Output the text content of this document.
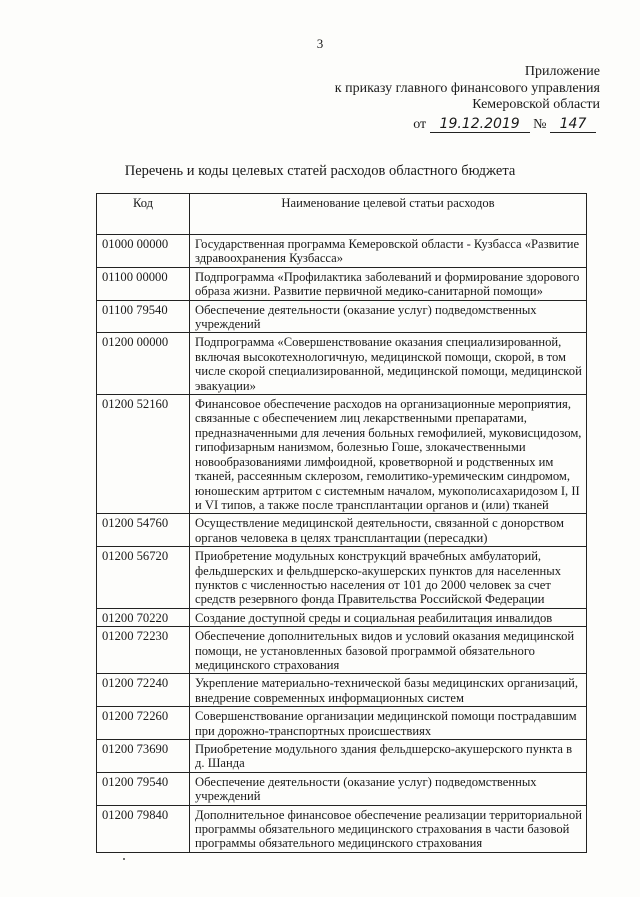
3
Приложение
к приказу главного финансового управления
Кемеровской области
от 19.12.2019 № 147
Перечень и коды целевых статей расходов областного бюджета
Код	Наименование целевой статьи расходов
01000 00000	Государственная программа Кемеровской области - Кузбасса «Развитие здравоохранения Кузбасса»
01100 00000	Подпрограмма «Профилактика заболеваний и формирование здорового образа жизни. Развитие первичной медико-санитарной помощи»
01100 79540	Обеспечение деятельности (оказание услуг) подведомственных учреждений
01200 00000	Подпрограмма «Совершенствование оказания специализированной, включая высокотехнологичную, медицинской помощи, скорой, в том числе скорой специализированной, медицинской помощи, медицинской эвакуации»
01200 52160	Финансовое обеспечение расходов на организационные мероприятия, связанные с обеспечением лиц лекарственными препаратами, предназначенными для лечения больных гемофилией, муковисцидозом, гипофизарным нанизмом, болезнью Гоше, злокачественными новообразованиями лимфоидной, кроветворной и родственных им тканей, рассеянным склерозом, гемолитико-уремическим синдромом, юношеским артритом с системным началом, мукополисахаридозом I, II и VI типов, а также после трансплантации органов и (или) тканей
01200 54760	Осуществление медицинской деятельности, связанной с донорством органов человека в целях трансплантации (пересадки)
01200 56720	Приобретение модульных конструкций врачебных амбулаторий, фельдшерских и фельдшерско-акушерских пунктов для населенных пунктов с численностью населения от 101 до 2000 человек за счет средств резервного фонда Правительства Российской Федерации
01200 70220	Создание доступной среды и социальная реабилитация инвалидов
01200 72230	Обеспечение дополнительных видов и условий оказания медицинской помощи, не установленных базовой программой обязательного медицинского страхования
01200 72240	Укрепление материально-технической базы медицинских организаций, внедрение современных информационных систем
01200 72260	Совершенствование организации медицинской помощи пострадавшим при дорожно-транспортных происшествиях
01200 73690	Приобретение модульного здания фельдшерско-акушерского пункта в д. Шанда
01200 79540	Обеспечение деятельности (оказание услуг) подведомственных учреждений
01200 79840	Дополнительное финансовое обеспечение реализации территориальной программы обязательного медицинского страхования в части базовой программы обязательного медицинского страхования
